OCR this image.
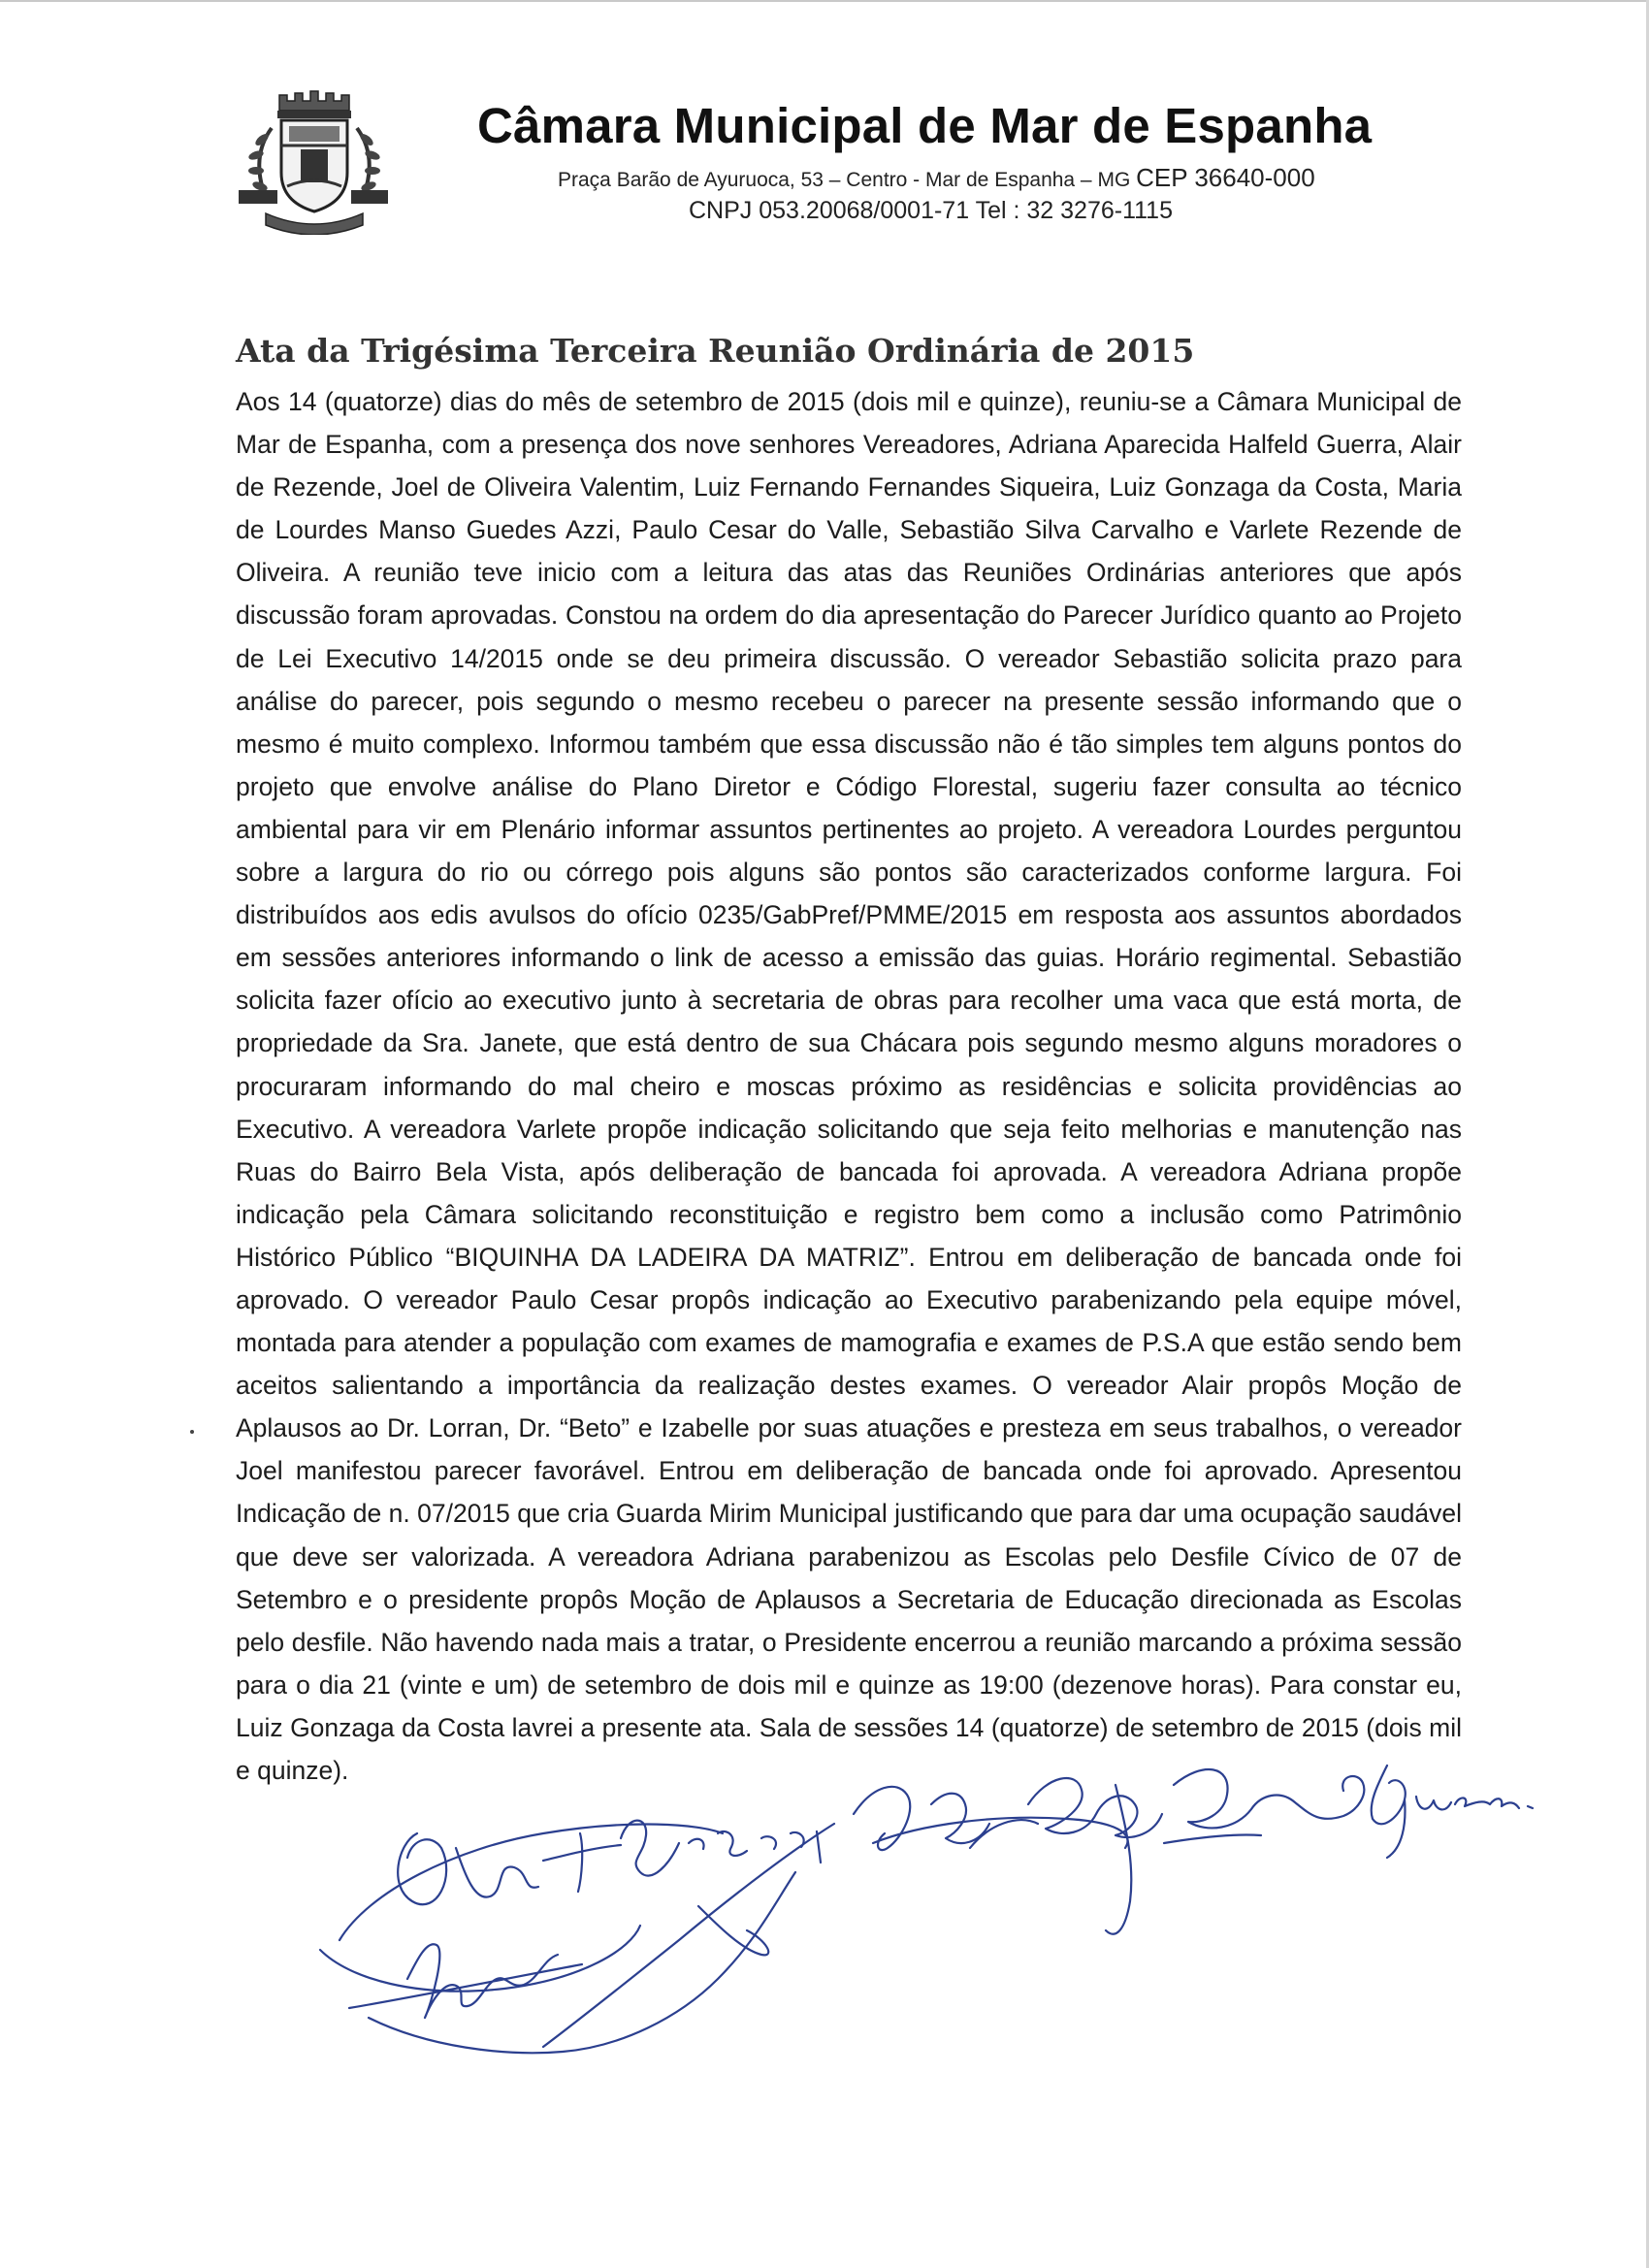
Câmara Municipal de Mar de Espanha
Praça Barão de Ayuruoca, 53 – Centro - Mar de Espanha – MG CEP 36640-000
CNPJ 053.20068/0001-71 Tel : 32 3276-1115
Ata da Trigésima Terceira Reunião Ordinária de 2015
Aos 14 (quatorze) dias do mês de setembro de 2015 (dois mil e quinze), reuniu-se a Câmara Municipal de Mar de Espanha, com a presença dos nove senhores Vereadores, Adriana Aparecida Halfeld Guerra, Alair de Rezende, Joel de Oliveira Valentim, Luiz Fernando Fernandes Siqueira, Luiz Gonzaga da Costa, Maria de Lourdes Manso Guedes Azzi, Paulo Cesar do Valle, Sebastião Silva Carvalho e Varlete Rezende de Oliveira. A reunião teve inicio com a leitura das atas das Reuniões Ordinárias anteriores que após discussão foram aprovadas. Constou na ordem do dia apresentação do Parecer Jurídico quanto ao Projeto de Lei Executivo 14/2015 onde se deu primeira discussão. O vereador Sebastião solicita prazo para análise do parecer, pois segundo o mesmo recebeu o parecer na presente sessão informando que o mesmo é muito complexo. Informou também que essa discussão não é tão simples tem alguns pontos do projeto que envolve análise do Plano Diretor e Código Florestal, sugeriu fazer consulta ao técnico ambiental para vir em Plenário informar assuntos pertinentes ao projeto. A vereadora Lourdes perguntou sobre a largura do rio ou córrego pois alguns são pontos são caracterizados conforme largura. Foi distribuídos aos edis avulsos do ofício 0235/GabPref/PMME/2015 em resposta aos assuntos abordados em sessões anteriores informando o link de acesso a emissão das guias. Horário regimental. Sebastião solicita fazer ofício ao executivo junto à secretaria de obras para recolher uma vaca que está morta, de propriedade da Sra. Janete, que está dentro de sua Chácara pois segundo mesmo alguns moradores o procuraram informando do mal cheiro e moscas próximo as residências e solicita providências ao Executivo. A vereadora Varlete propõe indicação solicitando que seja feito melhorias e manutenção nas Ruas do Bairro Bela Vista, após deliberação de bancada foi aprovada. A vereadora Adriana propõe indicação pela Câmara solicitando reconstituição e registro bem como a inclusão como Patrimônio Histórico Público “BIQUINHA DA LADEIRA DA MATRIZ”. Entrou em deliberação de bancada onde foi aprovado. O vereador Paulo Cesar propôs indicação ao Executivo parabenizando pela equipe móvel, montada para atender a população com exames de mamografia e exames de P.S.A que estão sendo bem aceitos salientando a importância da realização destes exames. O vereador Alair propôs Moção de Aplausos ao Dr. Lorran, Dr. “Beto” e Izabelle por suas atuações e presteza em seus trabalhos, o vereador Joel manifestou parecer favorável. Entrou em deliberação de bancada onde foi aprovado. Apresentou Indicação de n. 07/2015 que cria Guarda Mirim Municipal justificando que para dar uma ocupação saudável que deve ser valorizada. A vereadora Adriana parabenizou as Escolas pelo Desfile Cívico de 07 de Setembro e o presidente propôs Moção de Aplausos a Secretaria de Educação direcionada as Escolas pelo desfile. Não havendo nada mais a tratar, o Presidente encerrou a reunião marcando a próxima sessão para o dia 21 (vinte e um) de setembro de dois mil e quinze as 19:00 (dezenove horas). Para constar eu, Luiz Gonzaga da Costa lavrei a presente ata. Sala de sessões 14 (quatorze) de setembro de 2015 (dois mil e quinze).
